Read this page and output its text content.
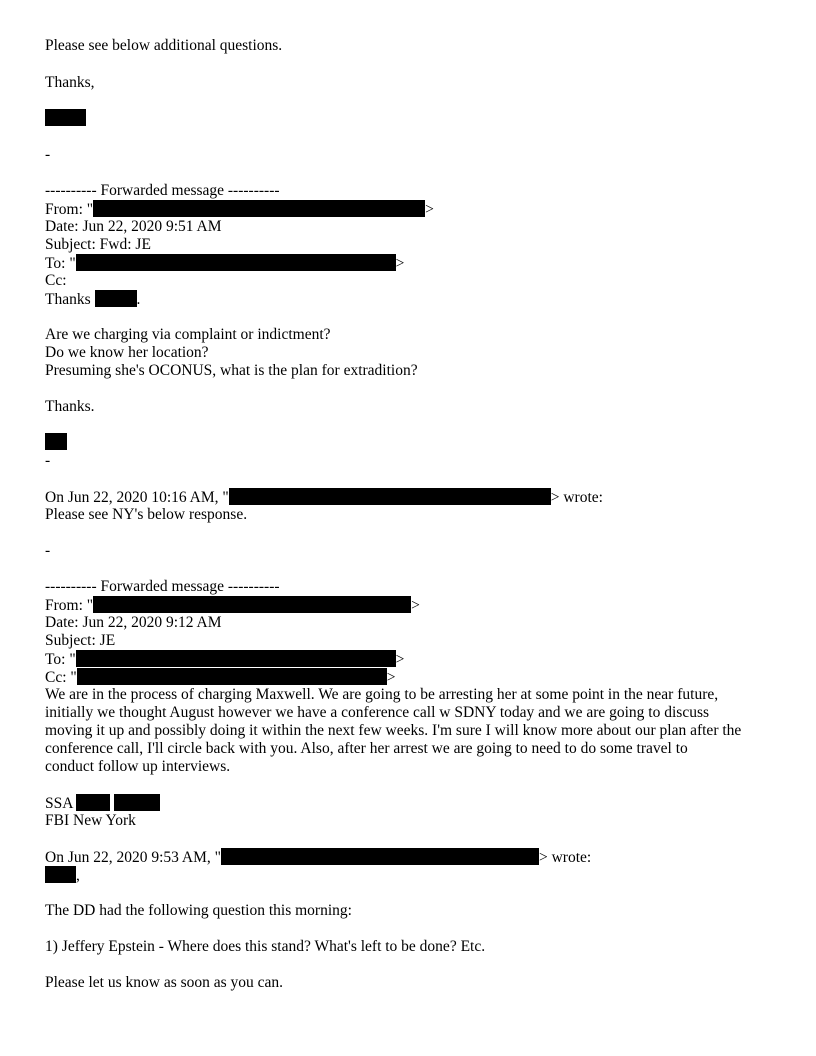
Please see below additional questions.
Thanks,
-
---------- Forwarded message ----------
From: "	>
Date: Jun 22, 2020 9:51 AM
Subject: Fwd: JE
To: "	>
Cc:
Thanks	.
Are we charging via complaint or indictment?
Do we know her location?
Presuming she's OCONUS, what is the plan for extradition?
Thanks.
-
On Jun 22, 2020 10:16 AM, "	> wrote:
Please see NY's below response.
-
---------- Forwarded message ----------
From: "	>
Date: Jun 22, 2020 9:12 AM
Subject: JE
To: "	>
Cc: "	>
We are in the process of charging Maxwell. We are going to be arresting her at some point in the near future,
initially we thought August however we have a conference call w SDNY today and we are going to discuss
moving it up and possibly doing it within the next few weeks. I'm sure I will know more about our plan after the
conference call, I'll circle back with you. Also, after her arrest we are going to need to do some travel to
conduct follow up interviews.
SSA
FBI New York
On Jun 22, 2020 9:53 AM, "	> wrote:
,
The DD had the following question this morning:
1) Jeffery Epstein - Where does this stand? What's left to be done? Etc.
Please let us know as soon as you can.
